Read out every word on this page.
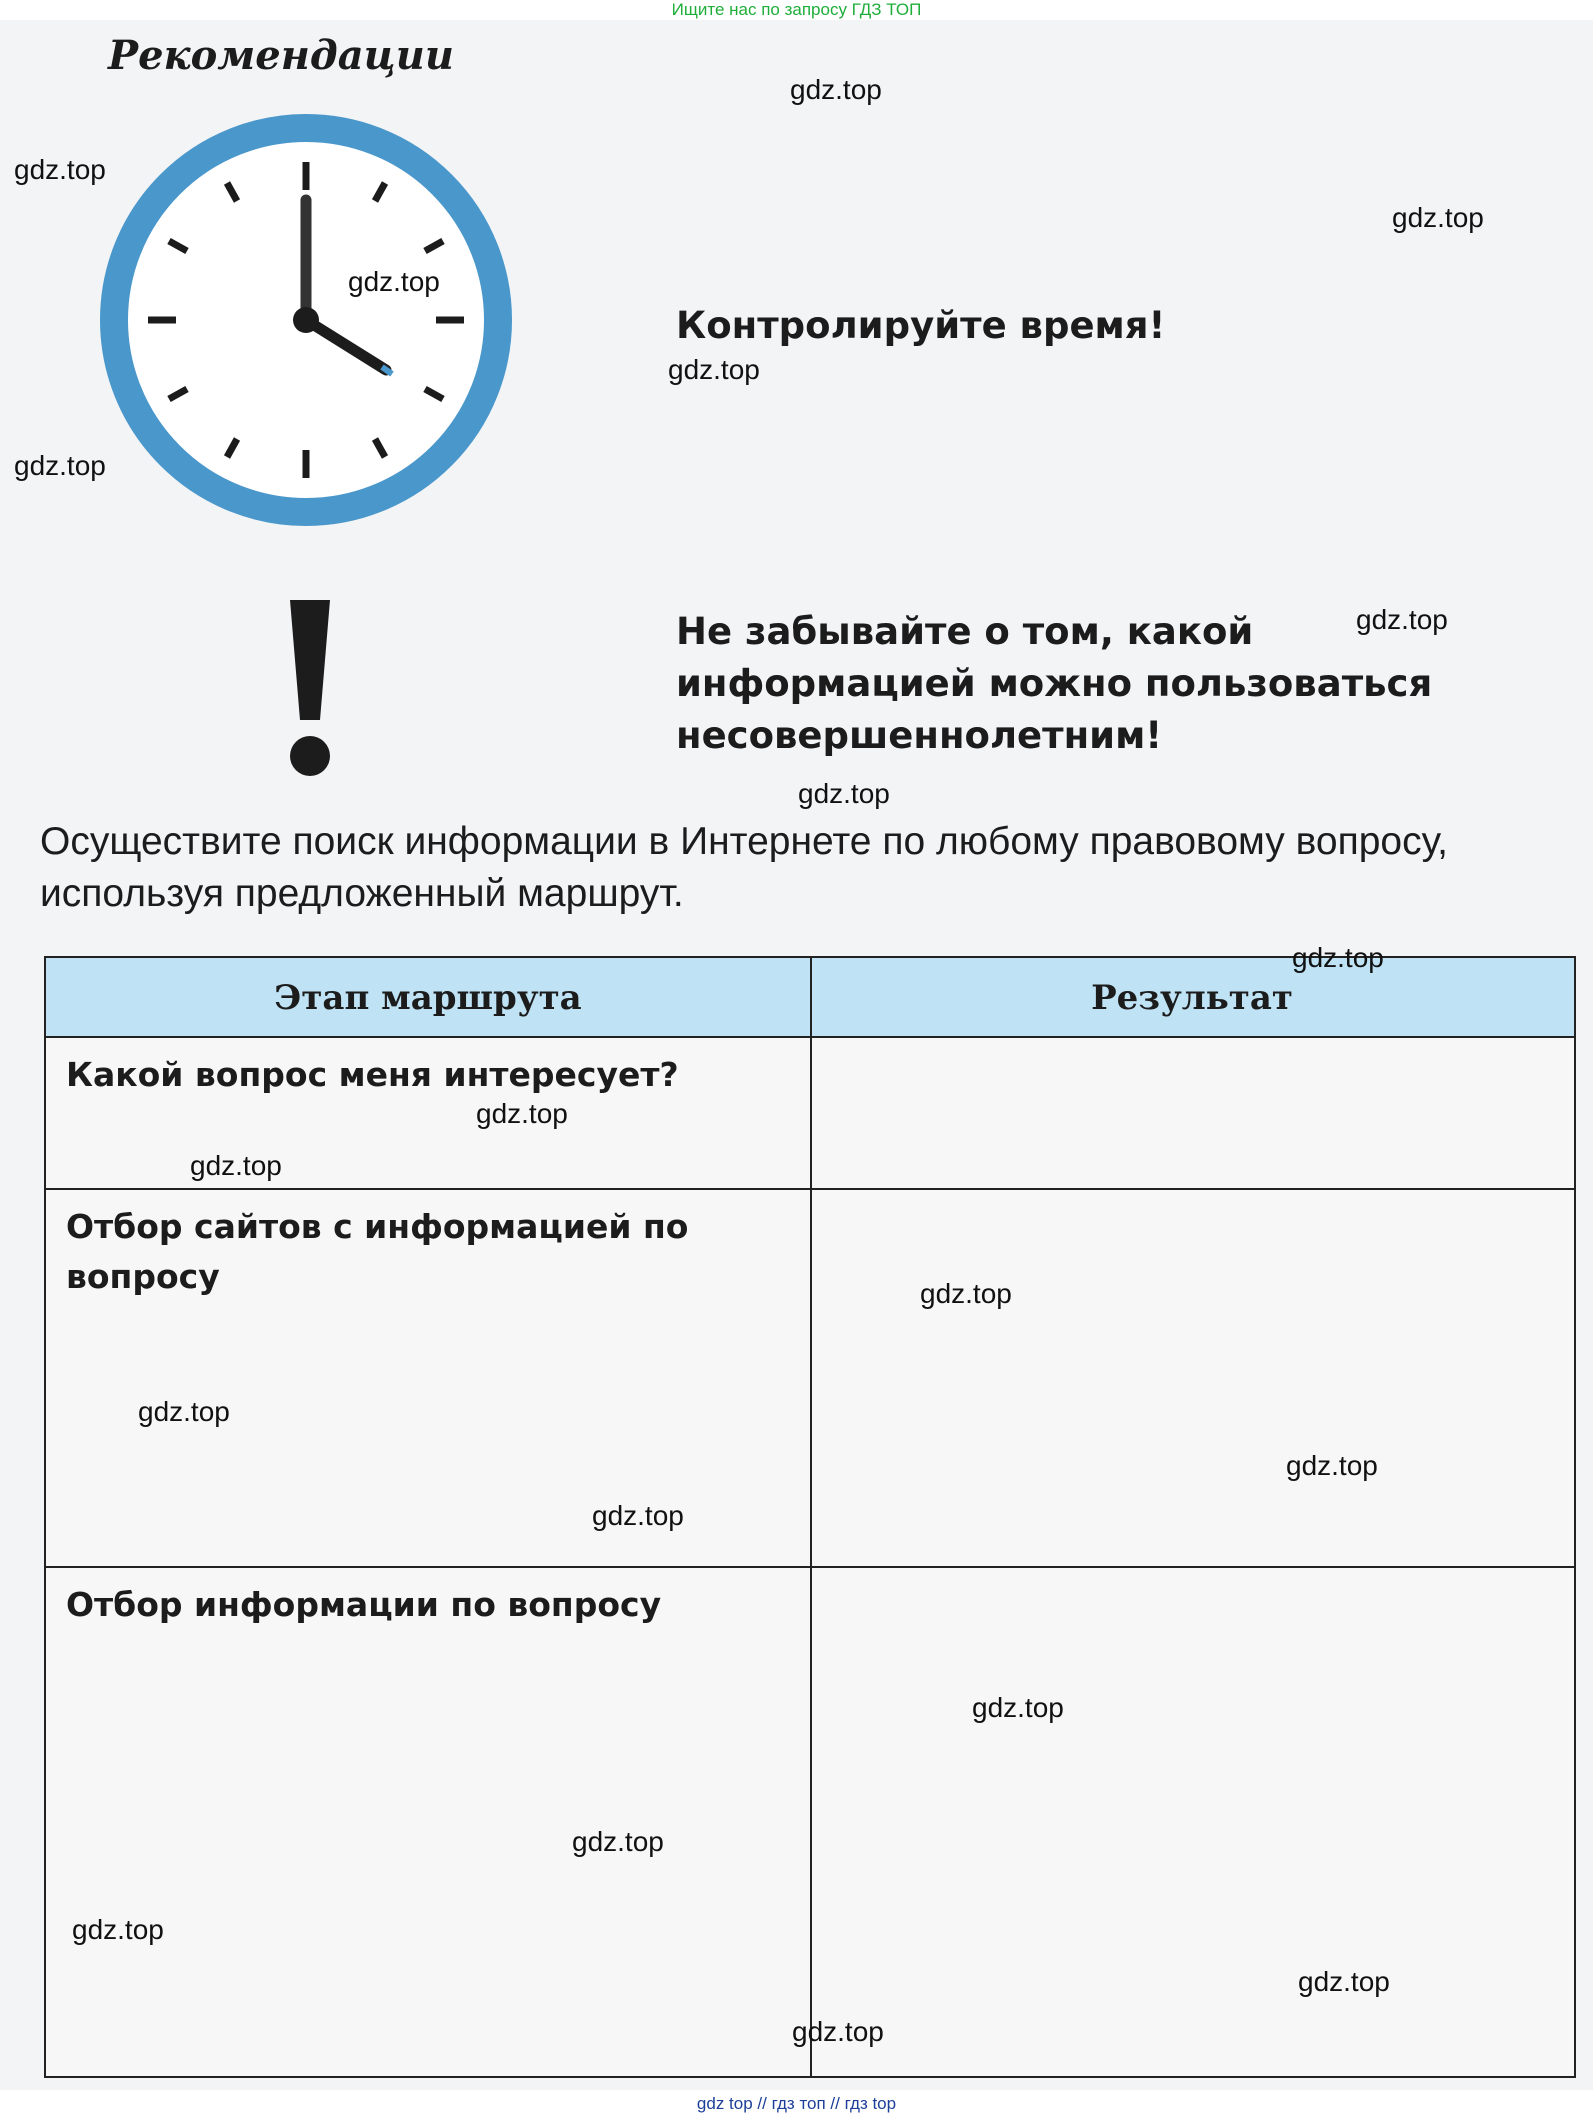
Ищите нас по запросу ГДЗ ТОП
Рекомендации
Контролируйте время!
Не забывайте о том, какой информацией можно пользоваться несовершеннолетним!
Осуществите поиск информации в Интернете по любому правовому вопросу, используя предложенный маршрут.
Этап маршрута	Результат
Какой вопрос меня интересует?
Отбор сайтов с информацией по вопросу
Отбор информации по вопросу
gdz.top
gdz.top
gdz.top
gdz.top
gdz.top
gdz.top
gdz.top
gdz.top
gdz.top
gdz.top
gdz.top
gdz.top
gdz.top
gdz.top
gdz.top
gdz.top
gdz.top
gdz.top
gdz.top
gdz.top
gdz top // гдз топ // гдз top
